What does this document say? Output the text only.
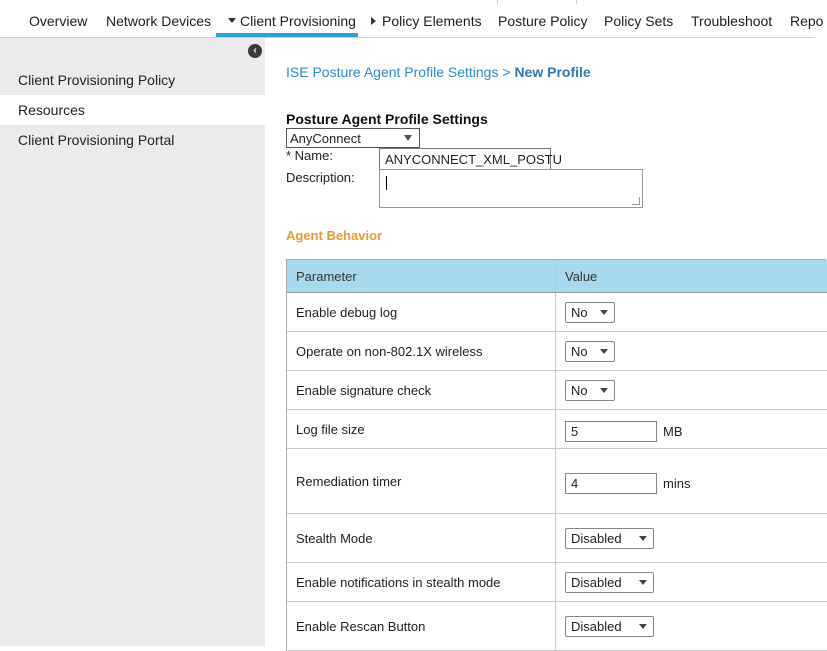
Overview Network Devices	Client Provisioning	Policy Elements Posture Policy Policy Sets Troubleshoot Repo
‹
Client Provisioning Policy
Resources
Client Provisioning Portal
ISE Posture Agent Profile Settings > New Profile
Posture Agent Profile Settings
AnyConnect
* Name:	ANYCONNECT_XML_POSTU
Description:
Agent Behavior
Parameter	Value
Enable debug log	No
Operate on non-802.1X wireless	No
Enable signature check	No
Log file size	5	MB
Remediation timer	4	mins
Stealth Mode	Disabled
Enable notifications in stealth mode	Disabled
Enable Rescan Button	Disabled
